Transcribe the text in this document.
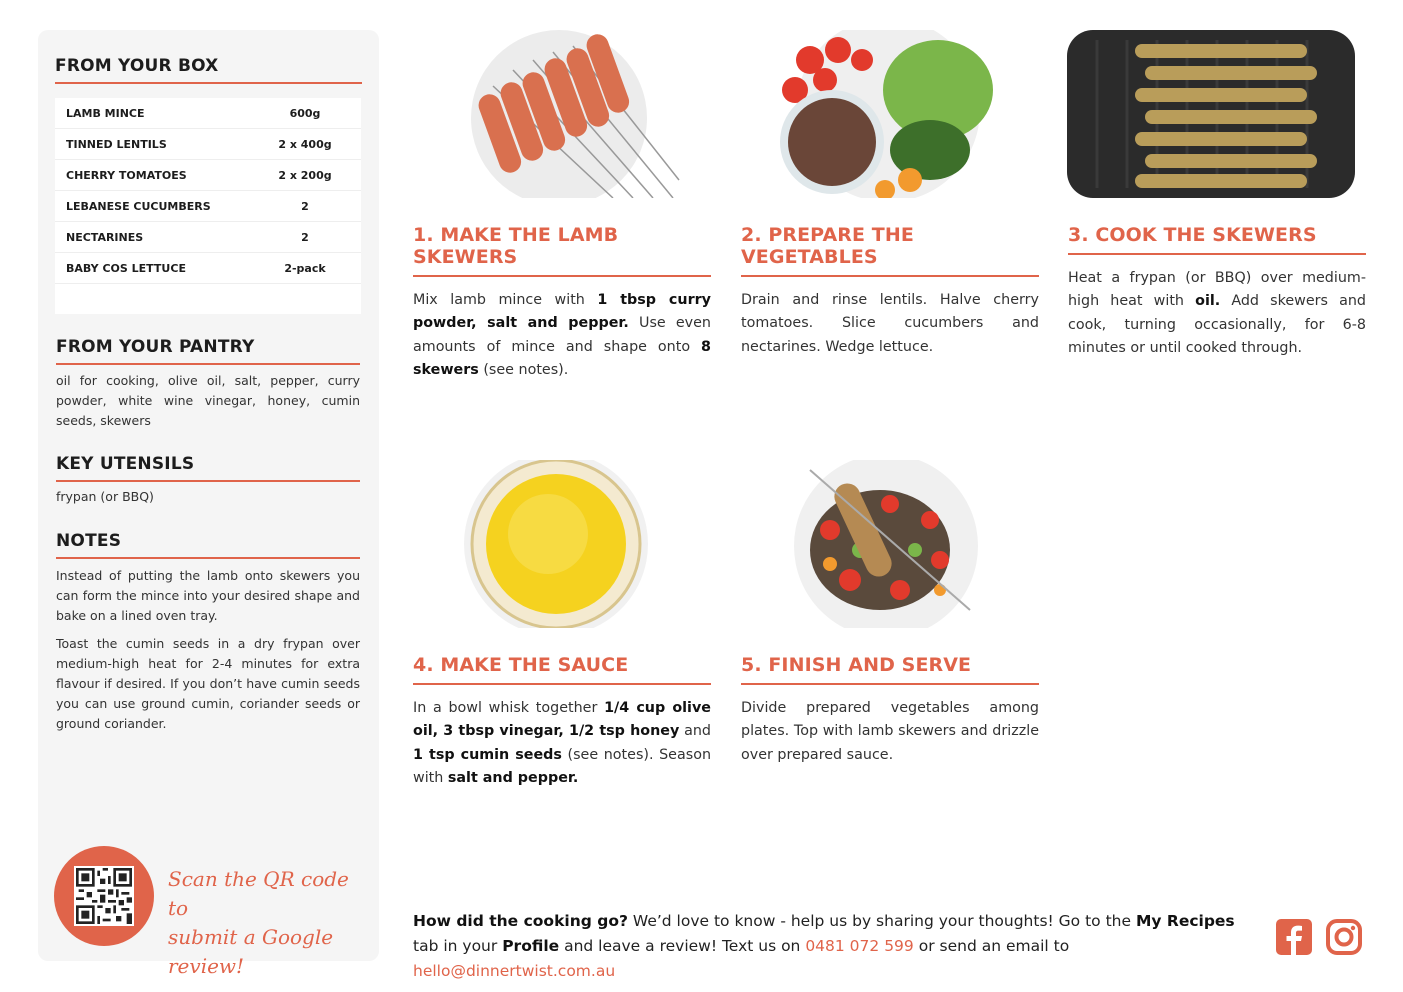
FROM YOUR BOX
LAMB MINCE	600g
TINNED LENTILS	2 x 400g
CHERRY TOMATOES	2 x 200g
LEBANESE CUCUMBERS	2
NECTARINES	2
BABY COS LETTUCE	2-pack
FROM YOUR PANTRY
oil for cooking, olive oil, salt, pepper, curry powder, white wine vinegar, honey, cumin seeds, skewers
KEY UTENSILS
frypan (or BBQ)
NOTES

Instead of putting the lamb onto skewers you can form the mince into your desired shape and bake on a lined oven tray.

Toast the cumin seeds in a dry frypan over medium-high heat for 2-4 minutes for extra flavour if desired. If you don’t have cumin seeds you can use ground cumin, coriander seeds or ground coriander.

Scan the QR code to
submit a Google review!
1. MAKE THE LAMB SKEWERS
Mix lamb mince with 1 tbsp curry powder, salt and pepper. Use even amounts of mince and shape onto 8 skewers (see notes).
2. PREPARE THE VEGETABLES
Drain and rinse lentils. Halve cherry tomatoes. Slice cucumbers and nectarines. Wedge lettuce.
3. COOK THE SKEWERS
Heat a frypan (or BBQ) over medium-high heat with oil. Add skewers and cook, turning occasionally, for 6-8 minutes or until cooked through.
4. MAKE THE SAUCE
In a bowl whisk together 1/4 cup olive oil, 3 tbsp vinegar, 1/2 tsp honey and 1 tsp cumin seeds (see notes). Season with salt and pepper.
5. FINISH AND SERVE
Divide prepared vegetables among plates. Top with lamb skewers and drizzle over prepared sauce.
How did the cooking go? We’d love to know - help us by sharing your thoughts! Go to the My Recipes tab in your Profile and leave a review! Text us on 0481 072 599 or send an email to hello@dinnertwist.com.au
